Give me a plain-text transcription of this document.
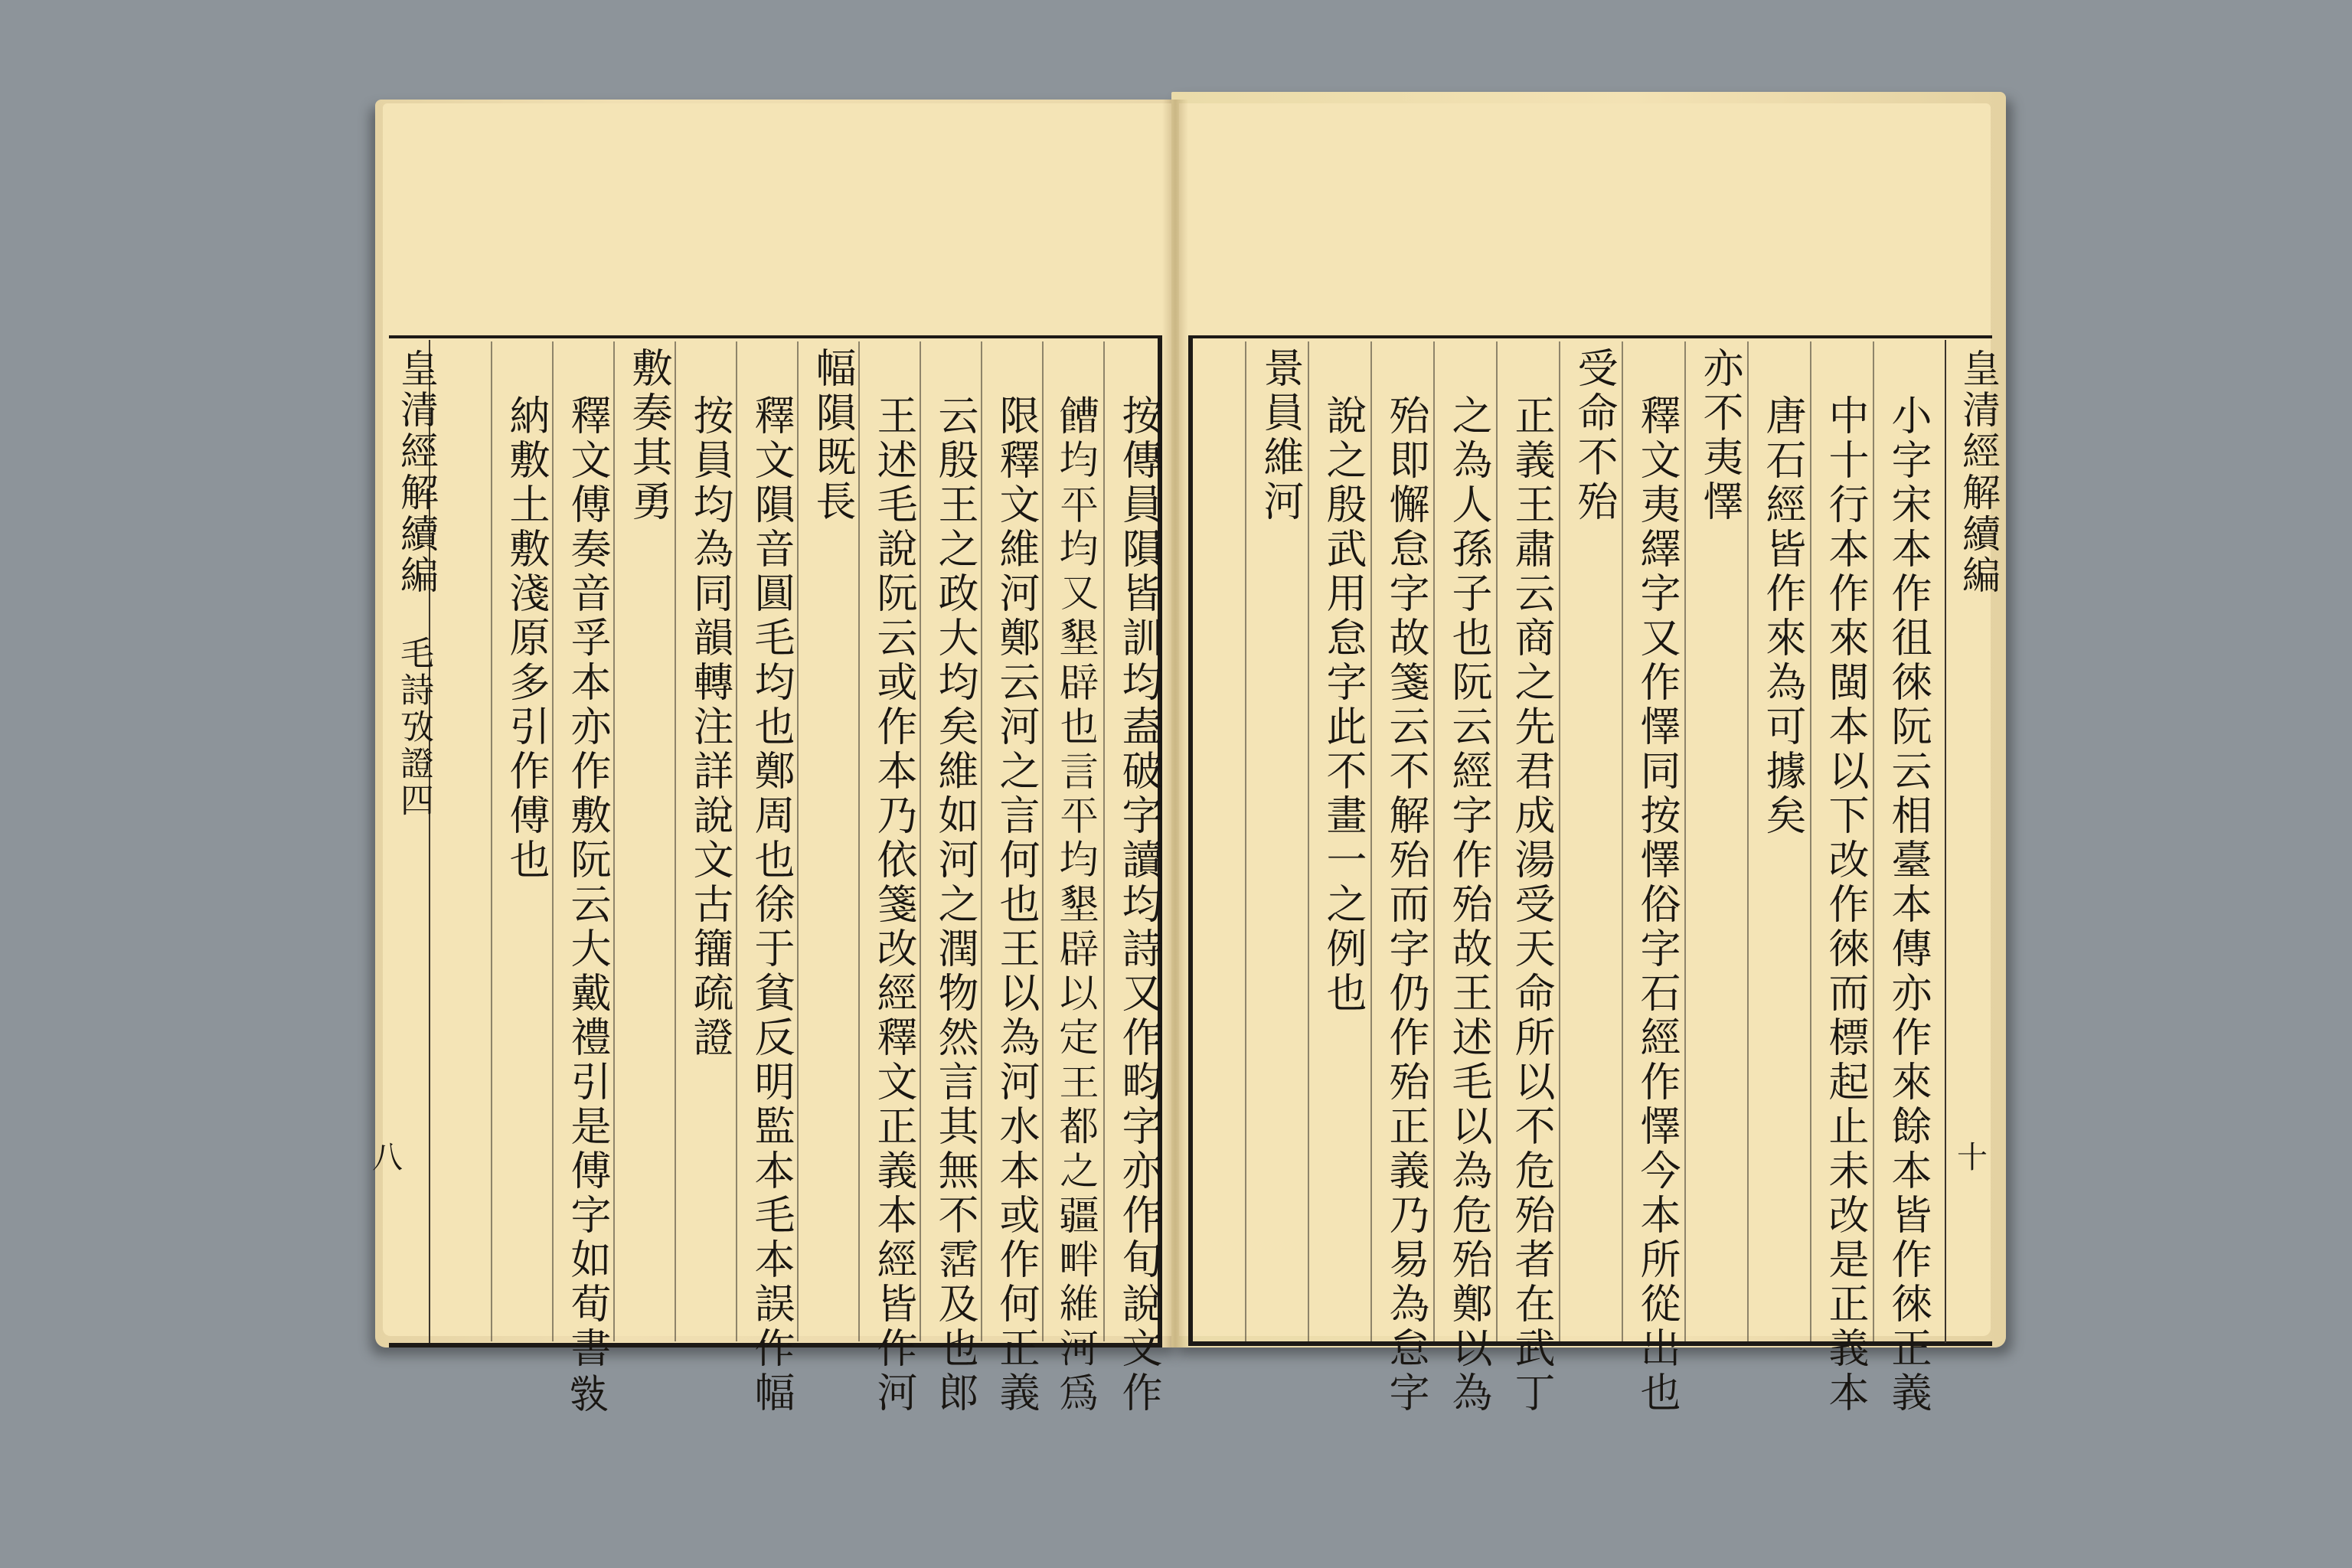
皇清經解續編
毛詩攷證四
八	按傳員隕皆訓均盍破字讀均詩又作畇字亦作旬說文作
𩞄均平均又墾辟也言平均墾辟以定王都之疆畔維河為
限釋文維河鄭云河之言何也王以為河水本或作何正義
云殷王之政大均矣維如河之潤物然言其無不霑及也郎
王述毛說阮云或作本乃依箋改經釋文正義本經皆作河
幅隕既長
釋文隕音圓毛均也鄭周也徐于貧反明監本毛本誤作幅
按員均為同韻轉注詳說文古籒疏證
敷奏其勇
釋文傅奏音孚本亦作敷阮云大戴禮引是傅字如荀書𢽾
納敷土敷淺原多引作傅也	皇清經解續編
十
小字宋本作徂徠阮云相臺本傳亦作來餘本皆作徠正義
中十行本作來閩本以下改作徠而標起止未改是正義本
唐石經皆作來為可據矣
亦不夷懌
釋文夷繹字又作懌同按懌俗字石經作懌今本所從出也
受命不殆
正義王肅云商之先君成湯受天命所以不危殆者在武丁
之為人孫子也阮云經字作殆故王述毛以為危殆鄭以為
殆即懈怠字故箋云不解殆而字仍作殆正義乃易為怠字
說之殷武用怠字此不畫一之例也
景員維河
